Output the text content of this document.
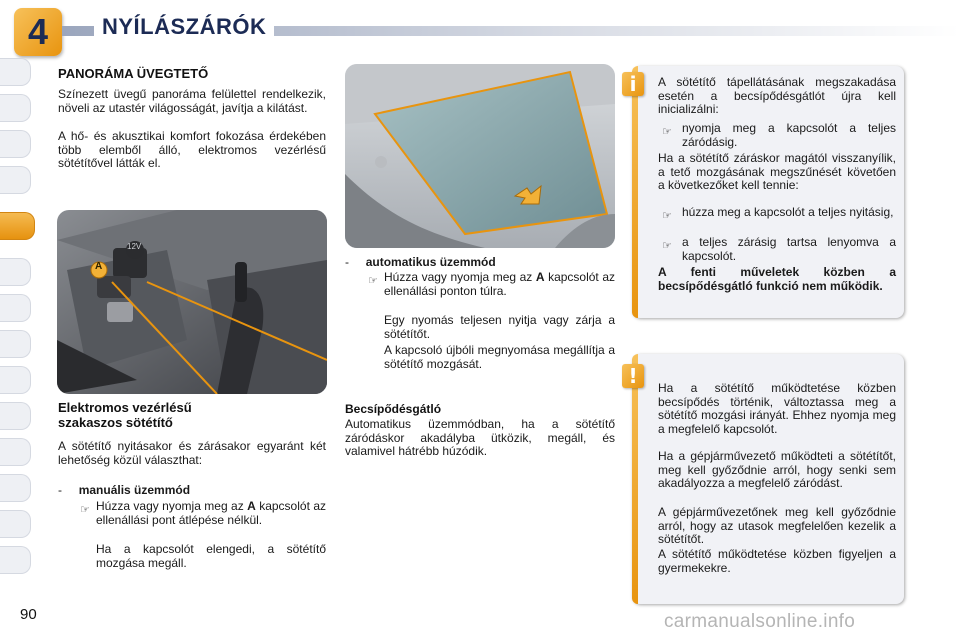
4	NYÍLÁSZÁRÓK
PANORÁMA ÜVEGTETŐ
Színezett üvegű panoráma felülettel rendelkezik, növeli az utastér világosságát, javítja a kilátást.
A hő- és akusztikai komfort fokozása érdekében több elemből álló, elektromos vezérlésű sötétítővel látták el.
A
12V
Elektromos vezérlésű
szakaszos sötétítő
A sötétítő nyitásakor és zárásakor egyaránt két lehetőség közül választhat:
- manuális üzemmód
☞ Húzza vagy nyomja meg az A kapcsolót az ellenállási pont átlépése nélkül.
Ha a kapcsolót elengedi, a sötétítő mozgása megáll.
- automatikus üzemmód
☞ Húzza vagy nyomja meg az A kapcsolót az ellenállási ponton túlra.
Egy nyomás teljesen nyitja vagy zárja a sötétítőt.
A kapcsoló újbóli megnyomása megállítja a sötétítő mozgását.
Becsípődésgátló
Automatikus üzemmódban, ha a sötétítő záródáskor akadályba ütközik, megáll, és valamivel hátrébb húzódik.
A sötétítő tápellátásának megszakadása esetén a becsípődésgátlót újra kell inicializálni:
☞ nyomja meg a kapcsolót a teljes záródásig.
Ha a sötétítő záráskor magától visszanyílik, a tető mozgásának megszűnését követően a következőket kell tennie:
☞ húzza meg a kapcsolót a teljes nyitásig,
☞ a teljes zárásig tartsa lenyomva a kapcsolót.
A fenti műveletek közben a becsípődésgátló funkció nem működik.
i
Ha a sötétítő működtetése közben becsípődés történik, változtassa meg a sötétítő mozgási irányát. Ehhez nyomja meg a megfelelő kapcsolót.
Ha a gépjárművezető működteti a sötétítőt, meg kell győződnie arról, hogy senki sem akadályozza a megfelelő záródást.
A gépjárművezetőnek meg kell győződnie arról, hogy az utasok megfelelően kezelik a sötétítőt.
A sötétítő működtetése közben figyeljen a gyermekekre.
!
90	carmanualsonline.info
